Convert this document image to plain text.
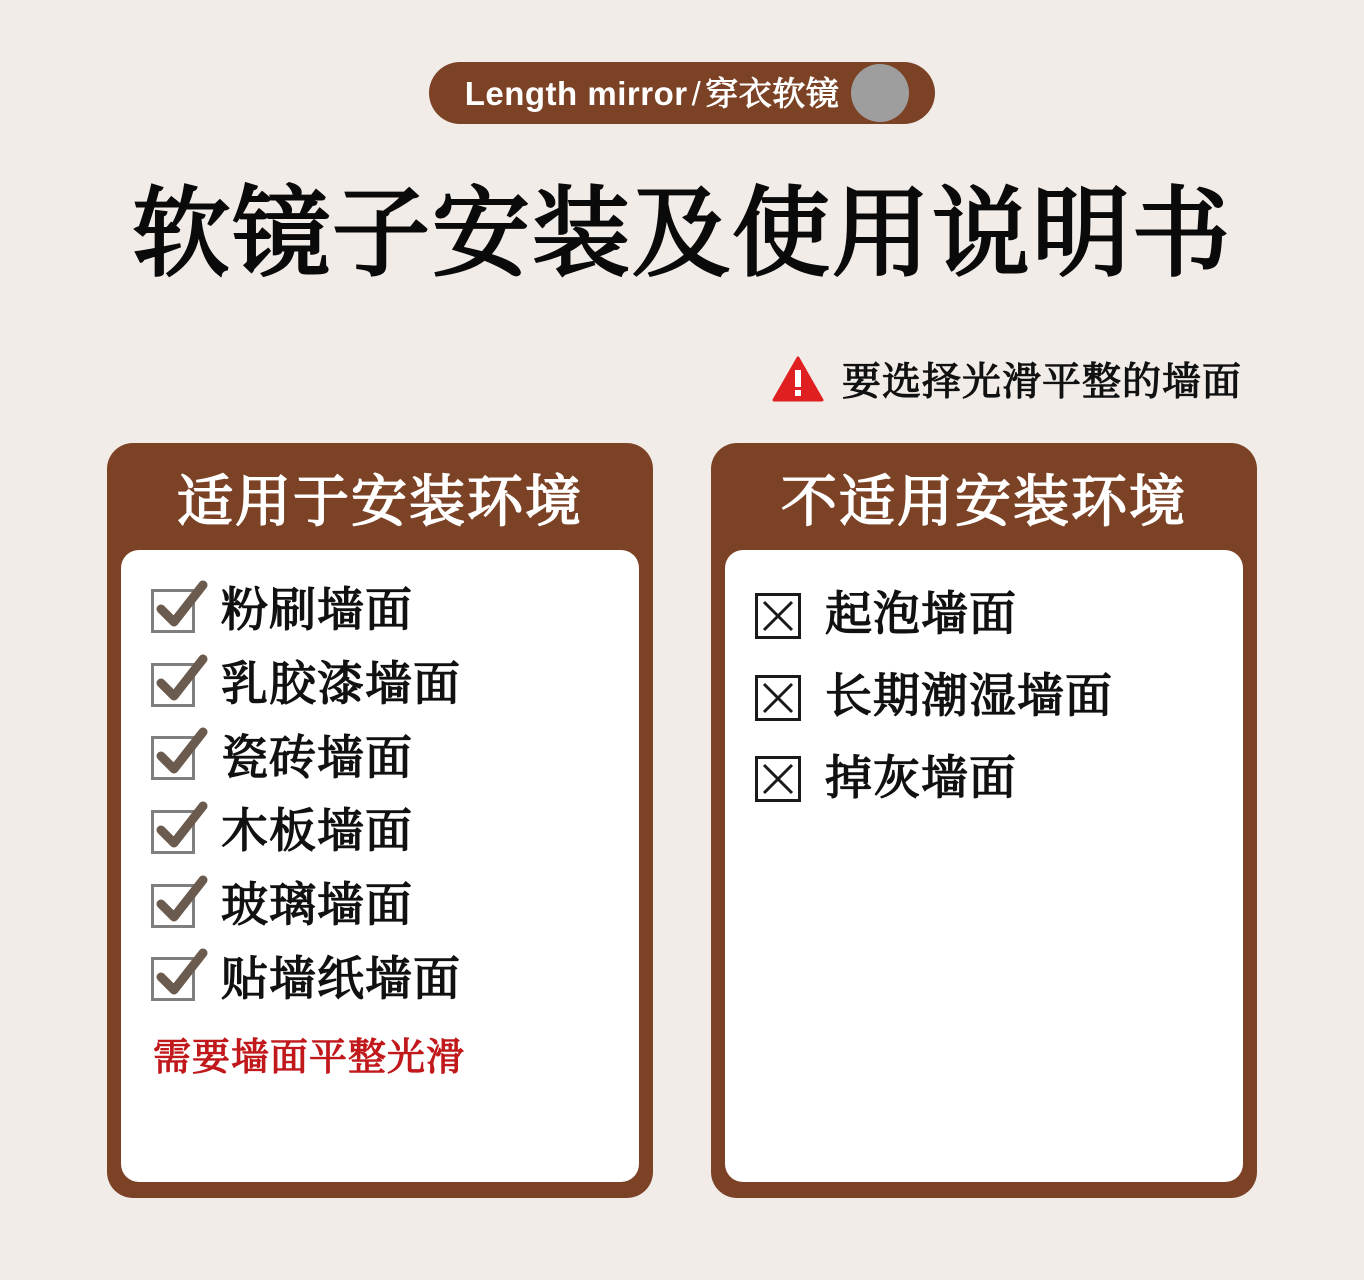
Length mirror / 穿衣软镜
软镜子安装及使用说明书
要选择光滑平整的墙面
适用于安装环境
粉刷墙面
乳胶漆墙面
瓷砖墙面
木板墙面
玻璃墙面
贴墙纸墙面
需要墙面平整光滑
不适用安装环境
起泡墙面
长期潮湿墙面
掉灰墙面
